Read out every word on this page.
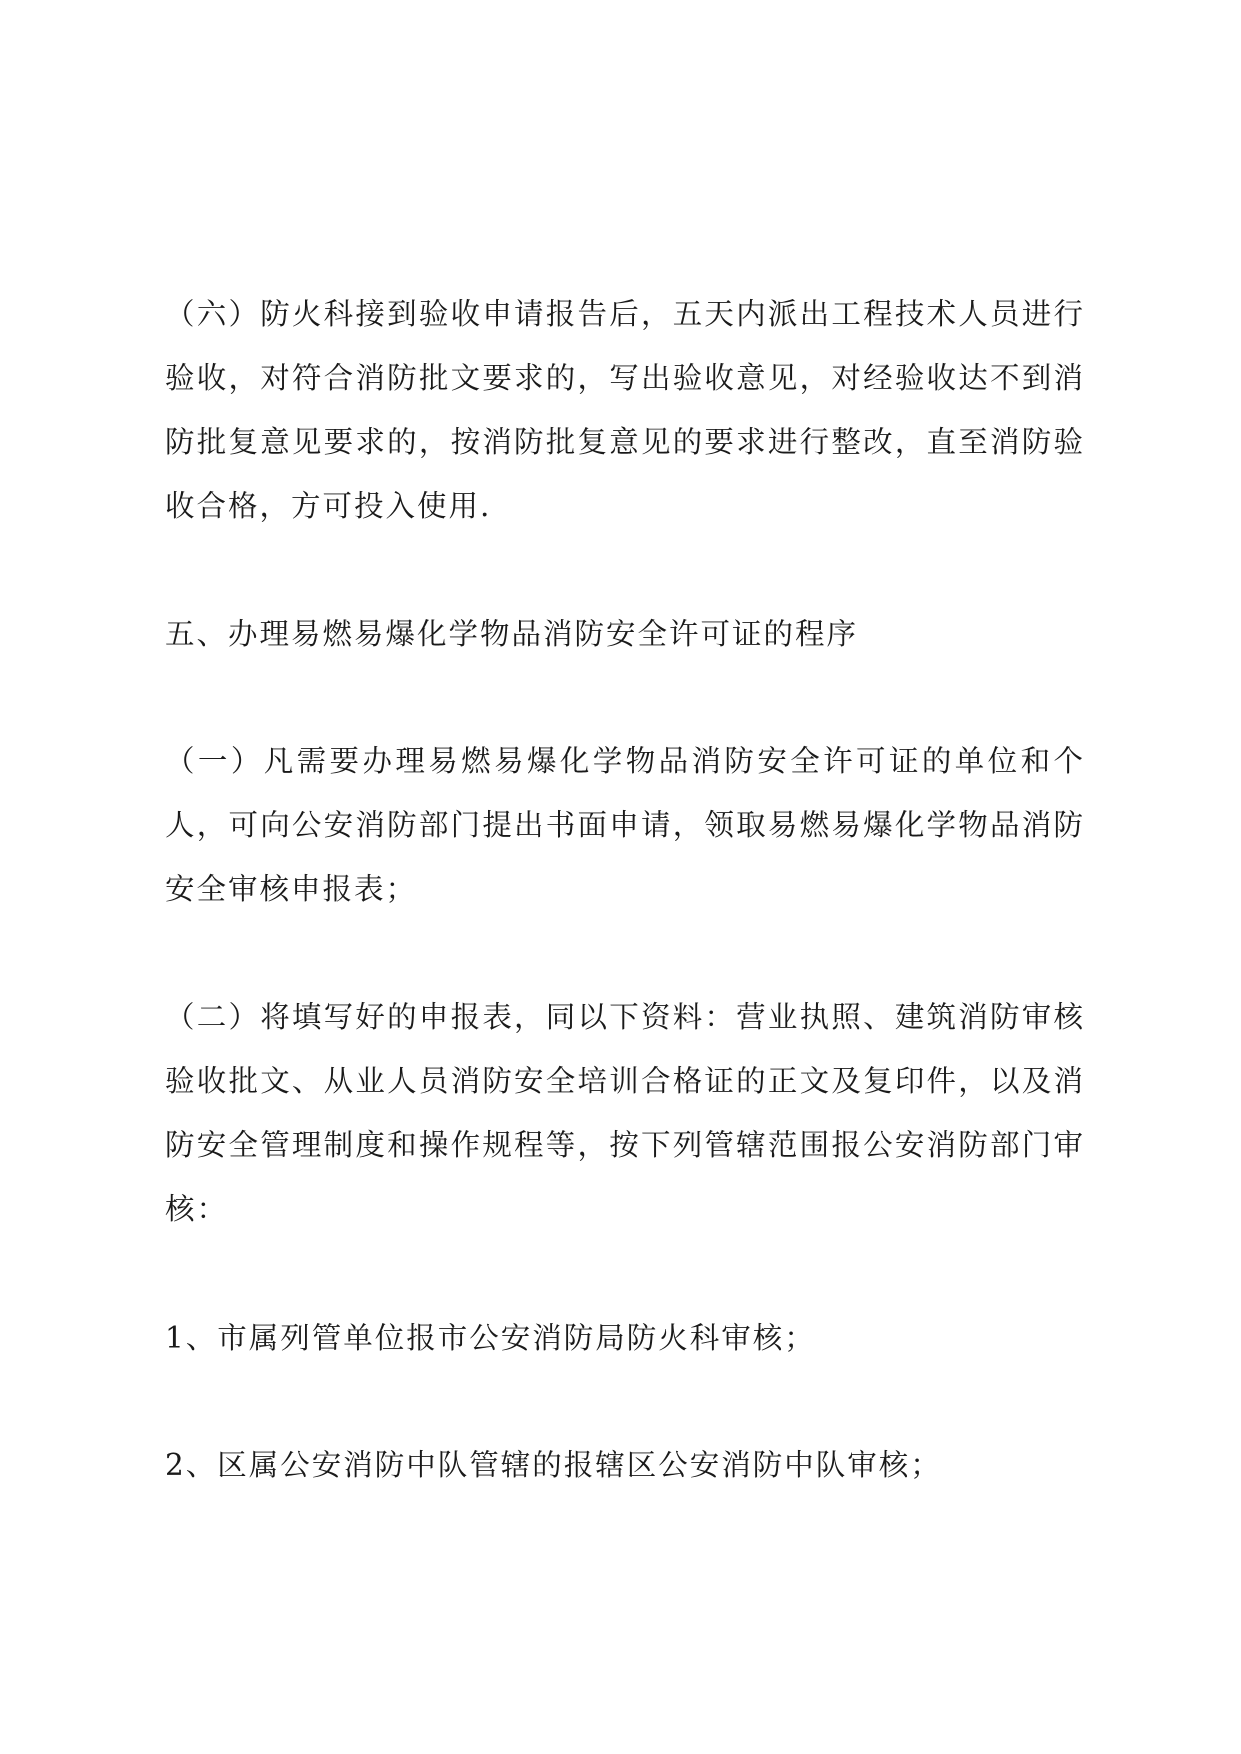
（六）防火科接到验收申请报告后，五天内派出工程技术人员进行验收，对符合消防批文要求的，写出验收意见，对经验收达不到消防批复意见要求的，按消防批复意见的要求进行整改，直至消防验收合格，方可投入使用.

五、办理易燃易爆化学物品消防安全许可证的程序

（一）凡需要办理易燃易爆化学物品消防安全许可证的单位和个人，可向公安消防部门提出书面申请，领取易燃易爆化学物品消防安全审核申报表；

（二）将填写好的申报表，同以下资料：营业执照、建筑消防审核验收批文、从业人员消防安全培训合格证的正文及复印件，以及消防安全管理制度和操作规程等，按下列管辖范围报公安消防部门审核：

1、市属列管单位报市公安消防局防火科审核；

2、区属公安消防中队管辖的报辖区公安消防中队审核；
